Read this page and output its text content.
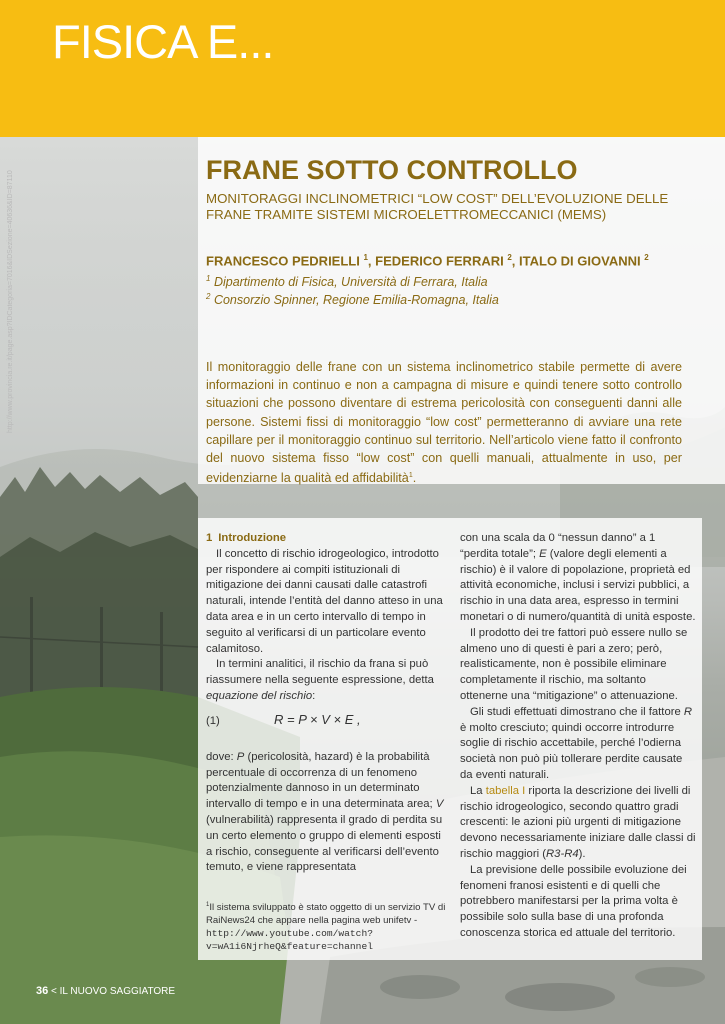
FISICA E...
http://www.provincia.re.it/page.asp?IDCategoria=7016&IDSezione=40636&ID=87110
FRANE SOTTO CONTROLLO
MONITORAGGI INCLINOMETRICI “LOW COST” DELL’EVOLUZIONE DELLE FRANE TRAMITE SISTEMI MICROELETTROMECCANICI (MEMS)
FRANCESCO PEDRIELLI $^1$, FEDERICO FERRARI $^2$, ITALO DI GIOVANNI $^2$
$^1$ Dipartimento di Fisica, Università di Ferrara, Italia
$^2$ Consorzio Spinner, Regione Emilia-Romagna, Italia
Il monitoraggio delle frane con un sistema inclinometrico stabile permette di avere informazioni in continuo e non a campagna di misure e quindi tenere sotto controllo situazioni che possono diventare di estrema pericolosità con conseguenti danni alle persone. Sistemi fissi di monitoraggio “low cost” permetteranno di avviare una rete capillare per il monitoraggio continuo sul territorio. Nell’articolo viene fatto il confronto del nuovo sistema fisso “low cost” con quelli manuali, attualmente in uso, per evidenziarne la qualità ed affidabilità$^1$.

1 Introduzione

Il concetto di rischio idrogeologico, introdotto per rispondere ai compiti istituzionali di mitigazione dei danni causati dalle catastrofi naturali, intende l’entità del danno atteso in una data area e in un certo intervallo di tempo in seguito al verificarsi di un particolare evento calamitoso.

In termini analitici, il rischio da frana si può riassumere nella seguente espressione, detta equazione del rischio:

(1)	R = P × V × E ,

dove: P (pericolosità, hazard) è la probabilità percentuale di occorrenza di un fenomeno potenzialmente dannoso in un determinato intervallo di tempo e in una determinata area; V (vulnerabilità) rappresenta il grado di perdita su un certo elemento o gruppo di elementi esposti a rischio, conseguente al verificarsi dell’evento temuto, e viene rappresentata

$^1$Il sistema sviluppato è stato oggetto di un servizio TV di RaiNews24 che appare nella pagina web unifetv - http://www.youtube.com/watch?v=wA1i6NjrheQ&feature=channel

con una scala da 0 “nessun danno” a 1 “perdita totale”; E (valore degli elementi a rischio) è il valore di popolazione, proprietà ed attività economiche, inclusi i servizi pubblici, a rischio in una data area, espresso in termini monetari o di numero/quantità di unità esposte.

Il prodotto dei tre fattori può essere nullo se almeno uno di questi è pari a zero; però, realisticamente, non è possibile eliminare completamente il rischio, ma soltanto ottenerne una “mitigazione” o attenuazione.

Gli studi effettuati dimostrano che il fattore R è molto cresciuto; quindi occorre introdurre soglie di rischio accettabile, perché l’odierna società non può più tollerare perdite causate da eventi naturali.

La tabella I riporta la descrizione dei livelli di rischio idrogeologico, secondo quattro gradi crescenti: le azioni più urgenti di mitigazione devono necessariamente iniziare dalle classi di rischio maggiori (R3-R4).

La previsione delle possibile evoluzione dei fenomeni franosi esistenti e di quelli che potrebbero manifestarsi per la prima volta è possibile solo sulla base di una profonda conoscenza storica ed attuale del territorio.

36 < IL NUOVO SAGGIATORE
